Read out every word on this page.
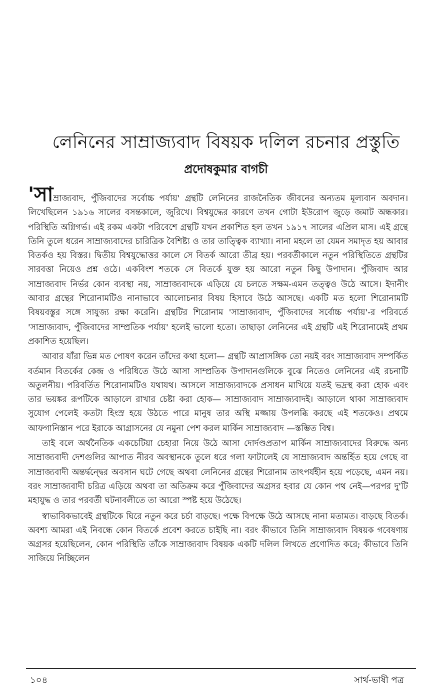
লেনিনের সাম্রাজ্যবাদ বিষয়ক দলিল রচনার প্রস্তুতি
প্রদোষকুমার বাগচী

'সাম্রাজ্যবাদ, পুঁজিবাদের সর্বোচ্চ পর্যায়' গ্রন্থটি লেনিনের রাজনৈতিক জীবনের অন্যতম মূল্যবান অবদান। লিখেছিলেন ১৯১৬ সালের বসন্তকালে, জুরিখে। বিশ্বযুদ্ধের কারণে তখন গোটা ইউরোপ জুড়ে জমাট অন্ধকার। পরিস্থিতি অগ্নিগর্ভ। এই রকম একটা পরিবেশে গ্রন্থটি যখন প্রকাশিত হল তখন ১৯১৭ সালের এপ্রিল মাস। এই গ্রন্থে তিনি তুলে ধরেন সাম্রাজ্যবাদের চারিত্রিক বৈশিষ্ট্য ও তার তাত্ত্বিক ব্যাখ্যা। নানা মহলে তা যেমন সমাদৃত হয় আবার বিতর্কও হয় বিস্তর। দ্বিতীয় বিশ্বযুদ্ধোত্তর কালে সে বিতর্ক আরো তীব্র হয়। পরবর্তীকালে নতুন পরিস্থিতিতে গ্রন্থটির সারবত্তা নিয়েও প্রশ্ন ওঠে। একবিংশ শতকে সে বিতর্কে যুক্ত হয় আরো নতুন কিছু উপাদান। পুঁজিবাদ আর সাম্রাজ্যবাদ নির্ভর কোন ব্যবস্থা নয়, সাম্রাজ্যবাদকে এড়িয়ে যে চলতে সক্ষম-এমন তত্ত্বও উঠে আসে। ইদানীং আবার গ্রন্থের শিরোনামটিও নানাভাবে আলোচনার বিষয় হিসাবে উঠে আসছে। একটি মত হলো শিরোনামটি বিষয়বস্তুর সঙ্গে সাযুজ্য রক্ষা করেনি। গ্রন্থটির শিরোনাম 'সাম্রাজ্যবাদ, পুঁজিবাদের সর্বোচ্চ পর্যায়'-র পরিবর্তে 'সাম্রাজ্যবাদ, পুঁজিবাদের সাম্প্রতিক পর্যায়' হলেই ভালো হতো। তাছাড়া লেনিনের এই গ্রন্থটি এই শিরোনামেই প্রথম প্রকাশিত হয়েছিল।

আবার যাঁরা ভিন্ন মত পোষণ করেন তাঁদের কথা হলো— গ্রন্থটি আপ্রাসঙ্গিক তো নয়ই বরং সাম্রাজ্যবাদ সম্পর্কিত বর্তমান বিতর্কের কেন্দ্র ও পরিধিতে উঠে আসা সাম্প্রতিক উপাদানগুলিকে বুঝে নিতেও লেনিনের এই রচনাটি অতুলনীয়। পরিবর্তিত শিরোনামটিও যথাযথ। আসলে সাম্রাজ্যবাদকে প্রসাধন মাখিয়ে যতই ভদ্রস্থ করা হোক এবং তার ভয়ঙ্কর রূপটিকে আড়ালে রাখার চেষ্টা করা হোক— সাম্রাজ্যবাদ সাম্রাজ্যবাদই। আড়ালে থাকা সাম্রাজ্যবাদ সুযোগ পেলেই কতটা হিংস্র হয়ে উঠতে পারে মানুষ তার অস্থি মজ্জায় উপলব্ধি করছে এই শতকেও। প্রথমে আফগানিস্তান পরে ইরাকে আগ্রাসনের যে নমুনা পেশ করল মার্কিন সাম্রাজ্যবাদ —স্তম্ভিত বিশ্ব।

তাই বলে অর্থনৈতিক একচেটিয়া চেহারা নিয়ে উঠে আসা দোর্দণ্ডপ্রতাপ মার্কিন সাম্রাজ্যবাদের বিরুদ্ধে অন্য সাম্রাজ্যবাদী দেশগুলির আপাত নীরব অবস্থানকে তুলে ধরে গলা ফাটালেই যে সাম্রাজ্যবাদ অন্তর্হিত হয়ে গেছে বা সাম্রাজ্যবাদী অন্তর্দ্বন্দ্বের অবসান ঘটে গেছে অথবা লেনিনের গ্রন্থের শিরোনাম তাৎপর্যহীন হয়ে পড়েছে, এমন নয়। বরং সাম্রাজ্যবাদী চরিত্র এড়িয়ে অথবা তা অতিক্রম করে পুঁজিবাদের অগ্রসর হবার যে কোন পথ নেই—পরপর দু'টি মহাযুদ্ধ ও তার পরবর্তী ঘটনাবলীতে তা আরো স্পষ্ট হয়ে উঠেছে।

স্বাভাবিকভাবেই গ্রন্থটিকে ঘিরে নতুন করে চর্চা বাড়ছে। পক্ষে বিপক্ষে উঠে আসছে নানা মতামত। বাড়ছে বিতর্ক। অবশ্য আমরা এই নিবন্ধে কোন বিতর্কে প্রবেশ করতে চাইছি না। বরং কীভাবে তিনি সাম্রাজ্যবাদ বিষয়ক গবেষণায় অগ্রসর হয়েছিলেন, কোন পরিস্থিতি তাঁকে সাম্রাজ্যবাদ বিষয়ক একটি দলিল লিখতে প্রণোদিত করে; কীভাবে তিনি সাজিয়ে নিচ্ছিলেন

১০৪	সার্থ-ভাষী পত্র
